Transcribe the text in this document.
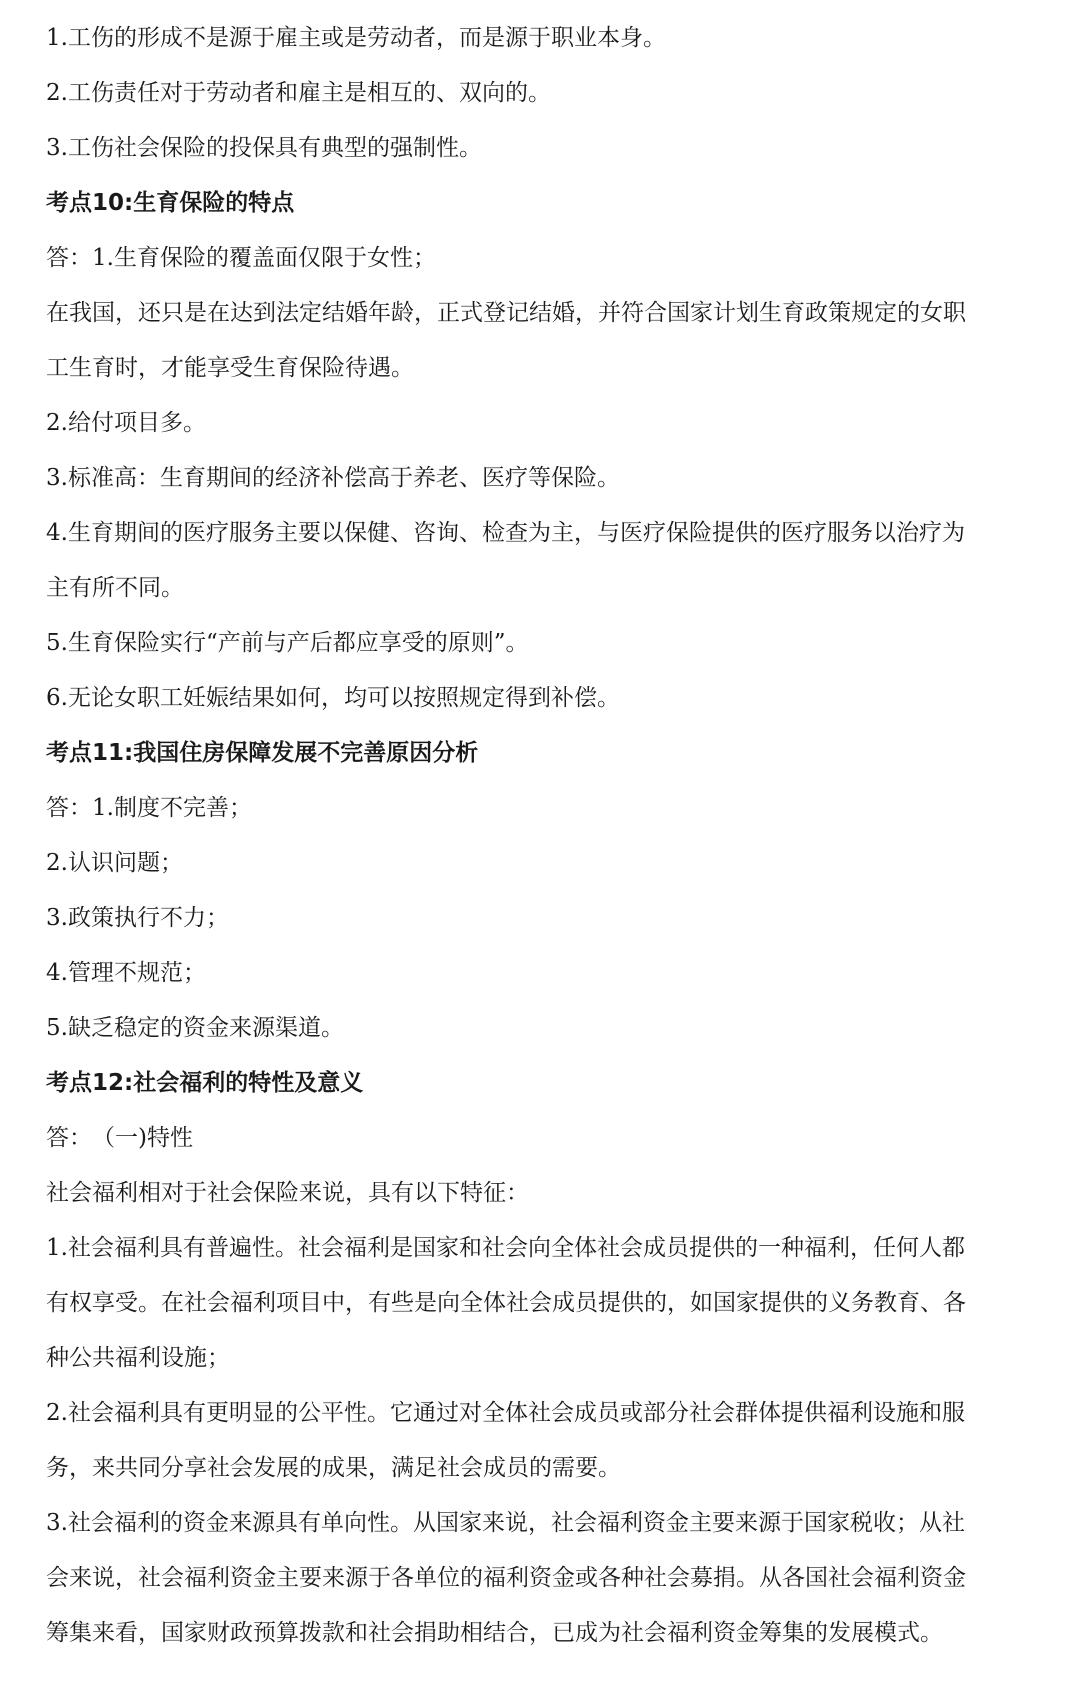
1.工伤的形成不是源于雇主或是劳动者，而是源于职业本身。

2.工伤责任对于劳动者和雇主是相互的、双向的。

3.工伤社会保险的投保具有典型的强制性。

考点10:生育保险的特点

答：1.生育保险的覆盖面仅限于女性；

在我国，还只是在达到法定结婚年龄，正式登记结婚，并符合国家计划生育政策规定的女职

工生育时，才能享受生育保险待遇。

2.给付项目多。

3.标准高：生育期间的经济补偿高于养老、医疗等保险。

4.生育期间的医疗服务主要以保健、咨询、检查为主，与医疗保险提供的医疗服务以治疗为

主有所不同。

5.生育保险实行“产前与产后都应享受的原则”。

6.无论女职工妊娠结果如何，均可以按照规定得到补偿。

考点11:我国住房保障发展不完善原因分析

答：1.制度不完善；

2.认识问题；

3.政策执行不力；

4.管理不规范；

5.缺乏稳定的资金来源渠道。

考点12:社会福利的特性及意义

答：　（一)特性

社会福利相对于社会保险来说，具有以下特征：

1.社会福利具有普遍性。社会福利是国家和社会向全体社会成员提供的一种福利，任何人都

有权享受。在社会福利项目中，有些是向全体社会成员提供的，如国家提供的义务教育、各

种公共福利设施；

2.社会福利具有更明显的公平性。它通过对全体社会成员或部分社会群体提供福利设施和服

务，来共同分享社会发展的成果，满足社会成员的需要。

3.社会福利的资金来源具有单向性。从国家来说，社会福利资金主要来源于国家税收；从社

会来说，社会福利资金主要来源于各单位的福利资金或各种社会募捐。从各国社会福利资金

筹集来看，国家财政预算拨款和社会捐助相结合，已成为社会福利资金筹集的发展模式。
